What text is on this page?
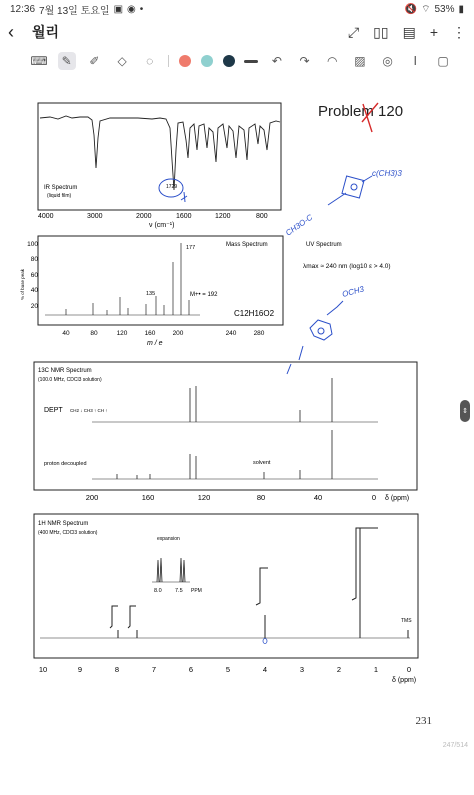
12:36 7월 13일 토요일 ▣ ◉ •	🔇 ⌔ 53% ▮
‹	월리	⤢ ▯▯ ▤ + ⋮
⌨	✎	✐	◇	◌	↶	↷	◠	▨	◎	Ⅰ	▢
IR Spectrum
(liquid film)
1729
4000	3000	2000	1600	1200	800
ν (cm⁻¹)
Problem 120
c(CH3)3
CH3O-C
OCH3
UV Spectrum
λmax ≈ 240 nm (log10 ε > 4.0)
Mass Spectrum
% of base peak
100
80
60
40
20
177
135	M+• = 192
C12H16O2
40	80	120	160	200	240	280
m / e
13C NMR Spectrum
(100.0 MHz, CDCl3 solution)
DEPT CH2 ↓ CH3 ↑ CH ↑
proton decoupled	solvent
200	160	120	80	40	0 δ (ppm)
1H NMR Spectrum
(400 MHz, CDCl3 solution)
expansion
8.0 7.5 PPM
TMS
10	9	8	7	6	5	4	3	2	1	0
δ (ppm)
231
247/514
⇕
